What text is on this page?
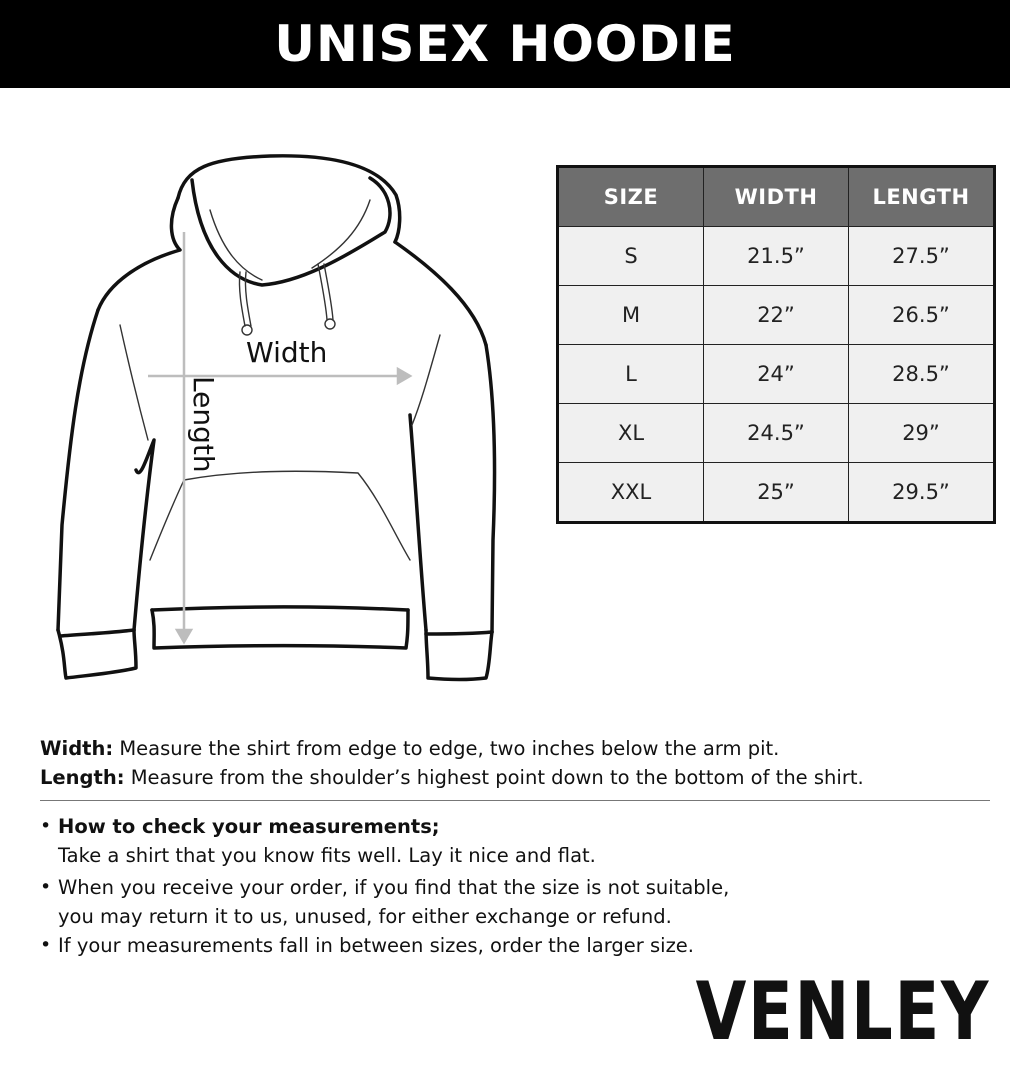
UNISEX HOODIE
Width
Length
SIZE	WIDTH	LENGTH
S	21.5”	27.5”
M	22”	26.5”
L	24”	28.5”
XL	24.5”	29”
XXL	25”	29.5”
Width: Measure the shirt from edge to edge, two inches below the arm pit.
Length: Measure from the shoulder’s highest point down to the bottom of the shirt.
• How to check your measurements;
Take a shirt that you know fits well. Lay it nice and flat.
• When you receive your order, if you find that the size is not suitable,
you may return it to us, unused, for either exchange or refund.
• If your measurements fall in between sizes, order the larger size.
VENLEY
